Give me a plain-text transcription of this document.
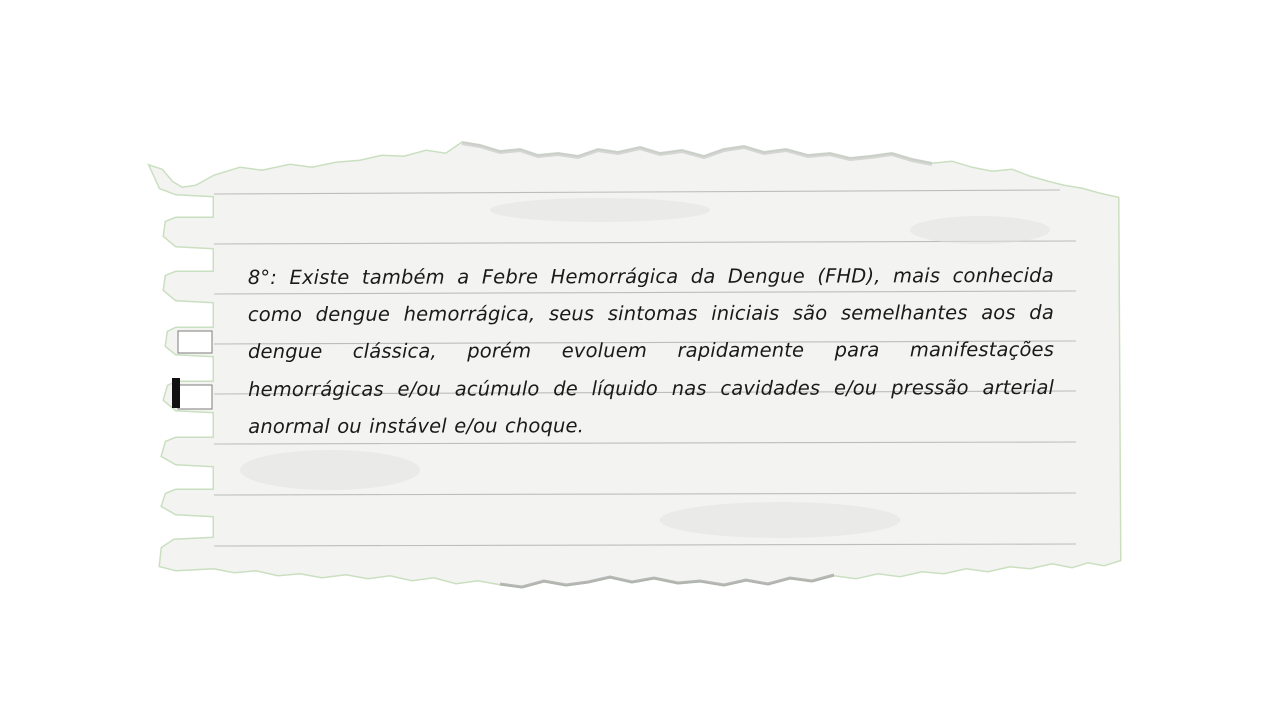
8°: Existe também a Febre Hemorrágica da Dengue (FHD), mais conhecida como dengue hemorrágica, seus sintomas iniciais são semelhantes aos da dengue clássica, porém evoluem rapidamente para manifestações hemorrágicas e/ou acúmulo de líquido nas cavidades e/ou pressão arterial anormal ou instável e/ou choque.
